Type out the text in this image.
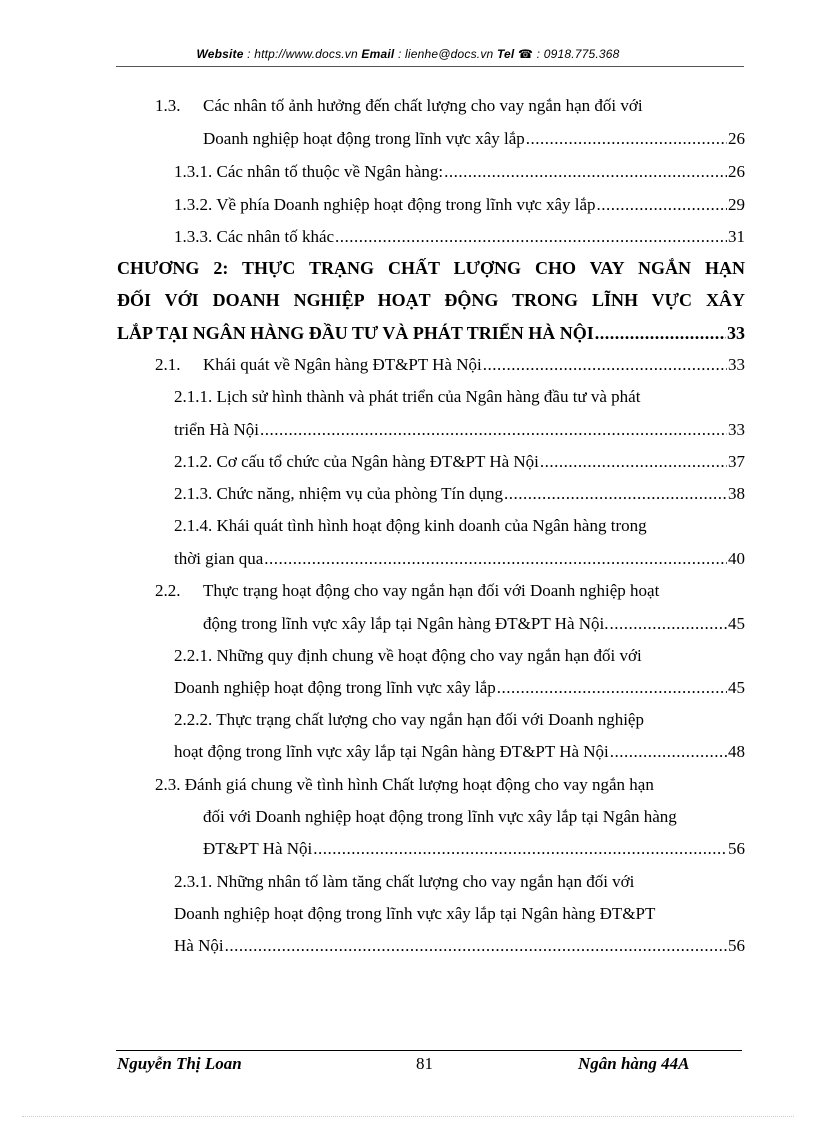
Website : http://www.docs.vn Email : lienhe@docs.vn Tel ☎ : 0918.775.368
1.3. Các nhân tố ảnh hưởng đến chất lượng cho vay ngắn hạn đối với
Doanh nghiệp hoạt động trong lĩnh vực xây lắp .....	26
1.3.1. Các nhân tố thuộc về Ngân hàng: .....	26
1.3.2. Về phía Doanh nghiệp hoạt động trong lĩnh vực xây lắp .....	29
1.3.3. Các nhân tố khác .....	31
CHƯƠNG 2: THỰC TRẠNG CHẤT LƯỢNG CHO VAY NGẮN HẠN
ĐỐI VỚI DOANH NGHIỆP HOẠT ĐỘNG TRONG LĨNH VỰC XÂY
LẮP TẠI NGÂN HÀNG ĐẦU TƯ VÀ PHÁT TRIỂN HÀ NỘI .....	33
2.1. Khái quát về Ngân hàng ĐT&PT Hà Nội .....	33
2.1.1. Lịch sử hình thành và phát triển của Ngân hàng đầu tư và phát
triển Hà Nội .....	33
2.1.2. Cơ cấu tổ chức của Ngân hàng ĐT&PT Hà Nội .....	37
2.1.3. Chức năng, nhiệm vụ của phòng Tín dụng .....	38
2.1.4. Khái quát tình hình hoạt động kinh doanh của Ngân hàng trong
thời gian qua .....	40
2.2. Thực trạng hoạt động cho vay ngắn hạn đối với Doanh nghiệp hoạt
động trong lĩnh vực xây lắp tại Ngân hàng ĐT&PT Hà Nội. .....	45
2.2.1. Những quy định chung về hoạt động cho vay ngắn hạn đối với
Doanh nghiệp hoạt động trong lĩnh vực xây lắp .....	45
2.2.2. Thực trạng chất lượng cho vay ngắn hạn đối với Doanh nghiệp
hoạt động trong lĩnh vực xây lắp tại Ngân hàng ĐT&PT Hà Nội .....	48
2.3. Đánh giá chung về tình hình Chất lượng hoạt động cho vay ngắn hạn
đối với Doanh nghiệp hoạt động trong lĩnh vực xây lắp tại Ngân hàng
ĐT&PT Hà Nội .....	56
2.3.1. Những nhân tố làm tăng chất lượng cho vay ngắn hạn đối với
Doanh nghiệp hoạt động trong lĩnh vực xây lắp tại Ngân hàng ĐT&PT
Hà Nội .....	56
Nguyễn Thị Loan	81	Ngân hàng 44A
